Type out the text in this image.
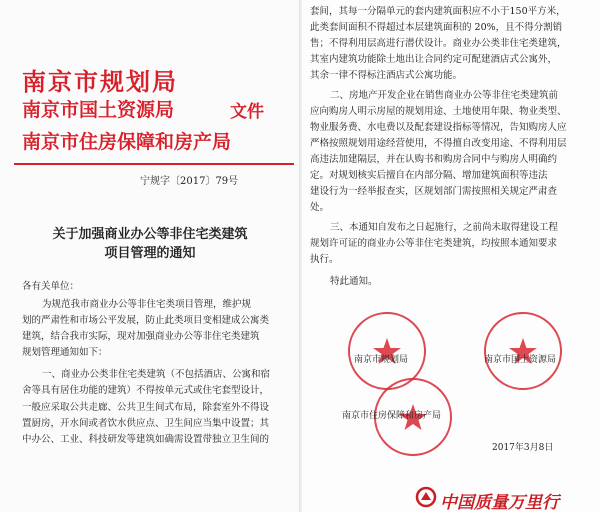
南京市规划局
南京市国土资源局	文件
南京市住房保障和房产局
宁规字〔2017〕79号
关于加强商业办公等非住宅类建筑
项目管理的通知
各有关单位：
为规范我市商业办公等非住宅类项目管理，维护规
划的严肃性和市场公平发展，防止此类项目变相建成公寓类
建筑，结合我市实际，现对加强商业办公等非住宅类建筑
规划管理通知如下：
一、商业办公类非住宅类建筑（不包括酒店、公寓和宿
舍等具有居住功能的建筑）不得按单元式或住宅套型设计，
一般应采取公共走廊、公共卫生间式布局，除套室外不得设
置厨房，开水间或者饮水供应点、卫生间应当集中设置；其
中办公、工业、科技研发等建筑如确需设置带独立卫生间的
套间，其每一分隔单元的套内建筑面积应不小于150平方米，
此类套间面积不得超过本层建筑面积的 20%，且不得分割销
售；不得利用层高进行潜伏设计。商业办公类非住宅类建筑，
其室内建筑功能除土地出让合同约定可配建酒店式公寓外，
其余一律不得标注酒店式公寓功能。
二、房地产开发企业在销售商业办公等非住宅类建筑前
应向购房人明示房屋的规划用途、土地使用年限、物业类型、
物业服务费、水电费以及配套建设指标等情况，告知购房人应
严格按照规划用途经营使用，不得擅自改变用途、不得利用层
高违法加建隔层，并在认购书和购房合同中与购房人明确约
定。对规划核实后擅自在内部分隔、增加建筑面积等违法
建设行为一经举报查实，区规划部门需按照相关规定严肃查
处。
三、本通知自发布之日起施行，之前尚未取得建设工程
规划许可证的商业办公等非住宅类建筑，均按照本通知要求
执行。
特此通知。
南京市规划局	南京市国土资源局
南京市住房保障和房产局
2017年3月8日
中国质量万里行
